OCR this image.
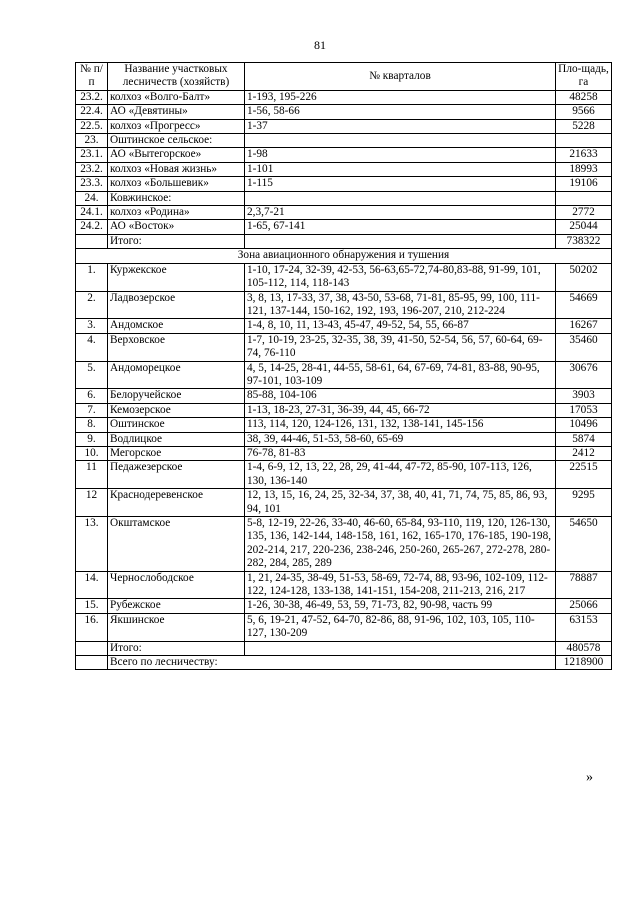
81
№ п/п	Название участковых лесничеств (хозяйств)	№ кварталов	Пло-щадь, га
23.2.	колхоз «Волго-Балт»	1-193, 195-226	48258
22.4.	АО «Девятины»	1-56, 58-66	9566
22.5.	колхоз «Прогресс»	1-37	5228
23.	Оштинское сельское:		
23.1.	АО «Вытегорское»	1-98	21633
23.2.	колхоз «Новая жизнь»	1-101	18993
23.3.	колхоз «Большевик»	1-115	19106
24.	Ковжинское:		
24.1.	колхоз «Родина»	2,3,7-21	2772
24.2.	АО «Восток»	1-65, 67-141	25044
	Итого:		738322
Зона авиационного обнаружения и тушения			
1.	Куржекское	1-10, 17-24, 32-39, 42-53, 56-63,65-72,74-80,83-88, 91-99, 101, 105-112, 114, 118-143	50202
2.	Ладвозерское	3, 8, 13, 17-33, 37, 38, 43-50, 53-68, 71-81, 85-95, 99, 100, 111-121, 137-144, 150-162, 192, 193, 196-207, 210, 212-224	54669
3.	Андомское	1-4, 8, 10, 11, 13-43, 45-47, 49-52, 54, 55, 66-87	16267
4.	Верховское	1-7, 10-19, 23-25, 32-35, 38, 39, 41-50, 52-54, 56, 57, 60-64, 69-74, 76-110	35460
5.	Андоморецкое	4, 5, 14-25, 28-41, 44-55, 58-61, 64, 67-69, 74-81, 83-88, 90-95, 97-101, 103-109	30676
6.	Белоручейское	85-88, 104-106	3903
7.	Кемозерское	1-13, 18-23, 27-31, 36-39, 44, 45, 66-72	17053
8.	Оштинское	113, 114, 120, 124-126, 131, 132, 138-141, 145-156	10496
9.	Водлицкое	38, 39, 44-46, 51-53, 58-60, 65-69	5874
10.	Мегорское	76-78, 81-83	2412
11	Педажезерское	1-4, 6-9, 12, 13, 22, 28, 29, 41-44, 47-72, 85-90, 107-113, 126, 130, 136-140	22515
12	Краснодеревенское	12, 13, 15, 16, 24, 25, 32-34, 37, 38, 40, 41, 71, 74, 75, 85, 86, 93, 94, 101	9295
13.	Окштамское	5-8, 12-19, 22-26, 33-40, 46-60, 65-84, 93-110, 119, 120, 126-130, 135, 136, 142-144, 148-158, 161, 162, 165-170, 176-185, 190-198, 202-214, 217, 220-236, 238-246, 250-260, 265-267, 272-278, 280-282, 284, 285, 289	54650
14.	Чернослободское	1, 21, 24-35, 38-49, 51-53, 58-69, 72-74, 88, 93-96, 102-109, 112-122, 124-128, 133-138, 141-151, 154-208, 211-213, 216, 217	78887
15.	Рубежское	1-26, 30-38, 46-49, 53, 59, 71-73, 82, 90-98, часть 99	25066
16.	Якшинское	5, 6, 19-21, 47-52, 64-70, 82-86, 88, 91-96, 102, 103, 105, 110-127, 130-209	63153
	Итого:		480578
	Всего по лесничеству:		1218900
»
